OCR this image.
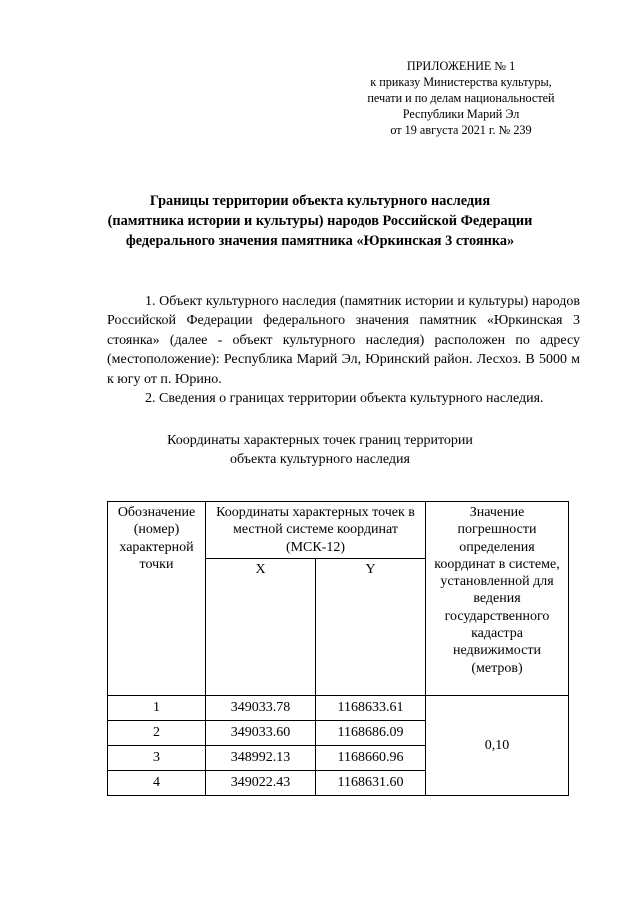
ПРИЛОЖЕНИЕ № 1
к приказу Министерства культуры,
печати и по делам национальностей
Республики Марий Эл
от 19 августа 2021 г. № 239
Границы территории объекта культурного наследия
(памятника истории и культуры) народов Российской Федерации
федерального значения памятника «Юркинская 3 стоянка»

1. Объект культурного наследия (памятник истории и культуры) народов Российской Федерации федерального значения памятник «Юркинская 3 стоянка» (далее - объект культурного наследия) расположен по адресу (местоположение): Республика Марий Эл, Юринский район. Лесхоз. В 5000 м к югу от п. Юрино.

2. Сведения о границах территории объекта культурного наследия.

Координаты характерных точек границ территории
объекта культурного наследия
Обозначение (номер) характерной точки	Координаты характерных точек в местной системе координат (МСК-12)		Значение погрешности определения координат в системе, установленной для ведения государственного кадастра недвижимости (метров)
	X	Y	
1	349033.78	1168633.61	0,10
2	349033.60	1168686.09	
3	348992.13	1168660.96	
4	349022.43	1168631.60	
